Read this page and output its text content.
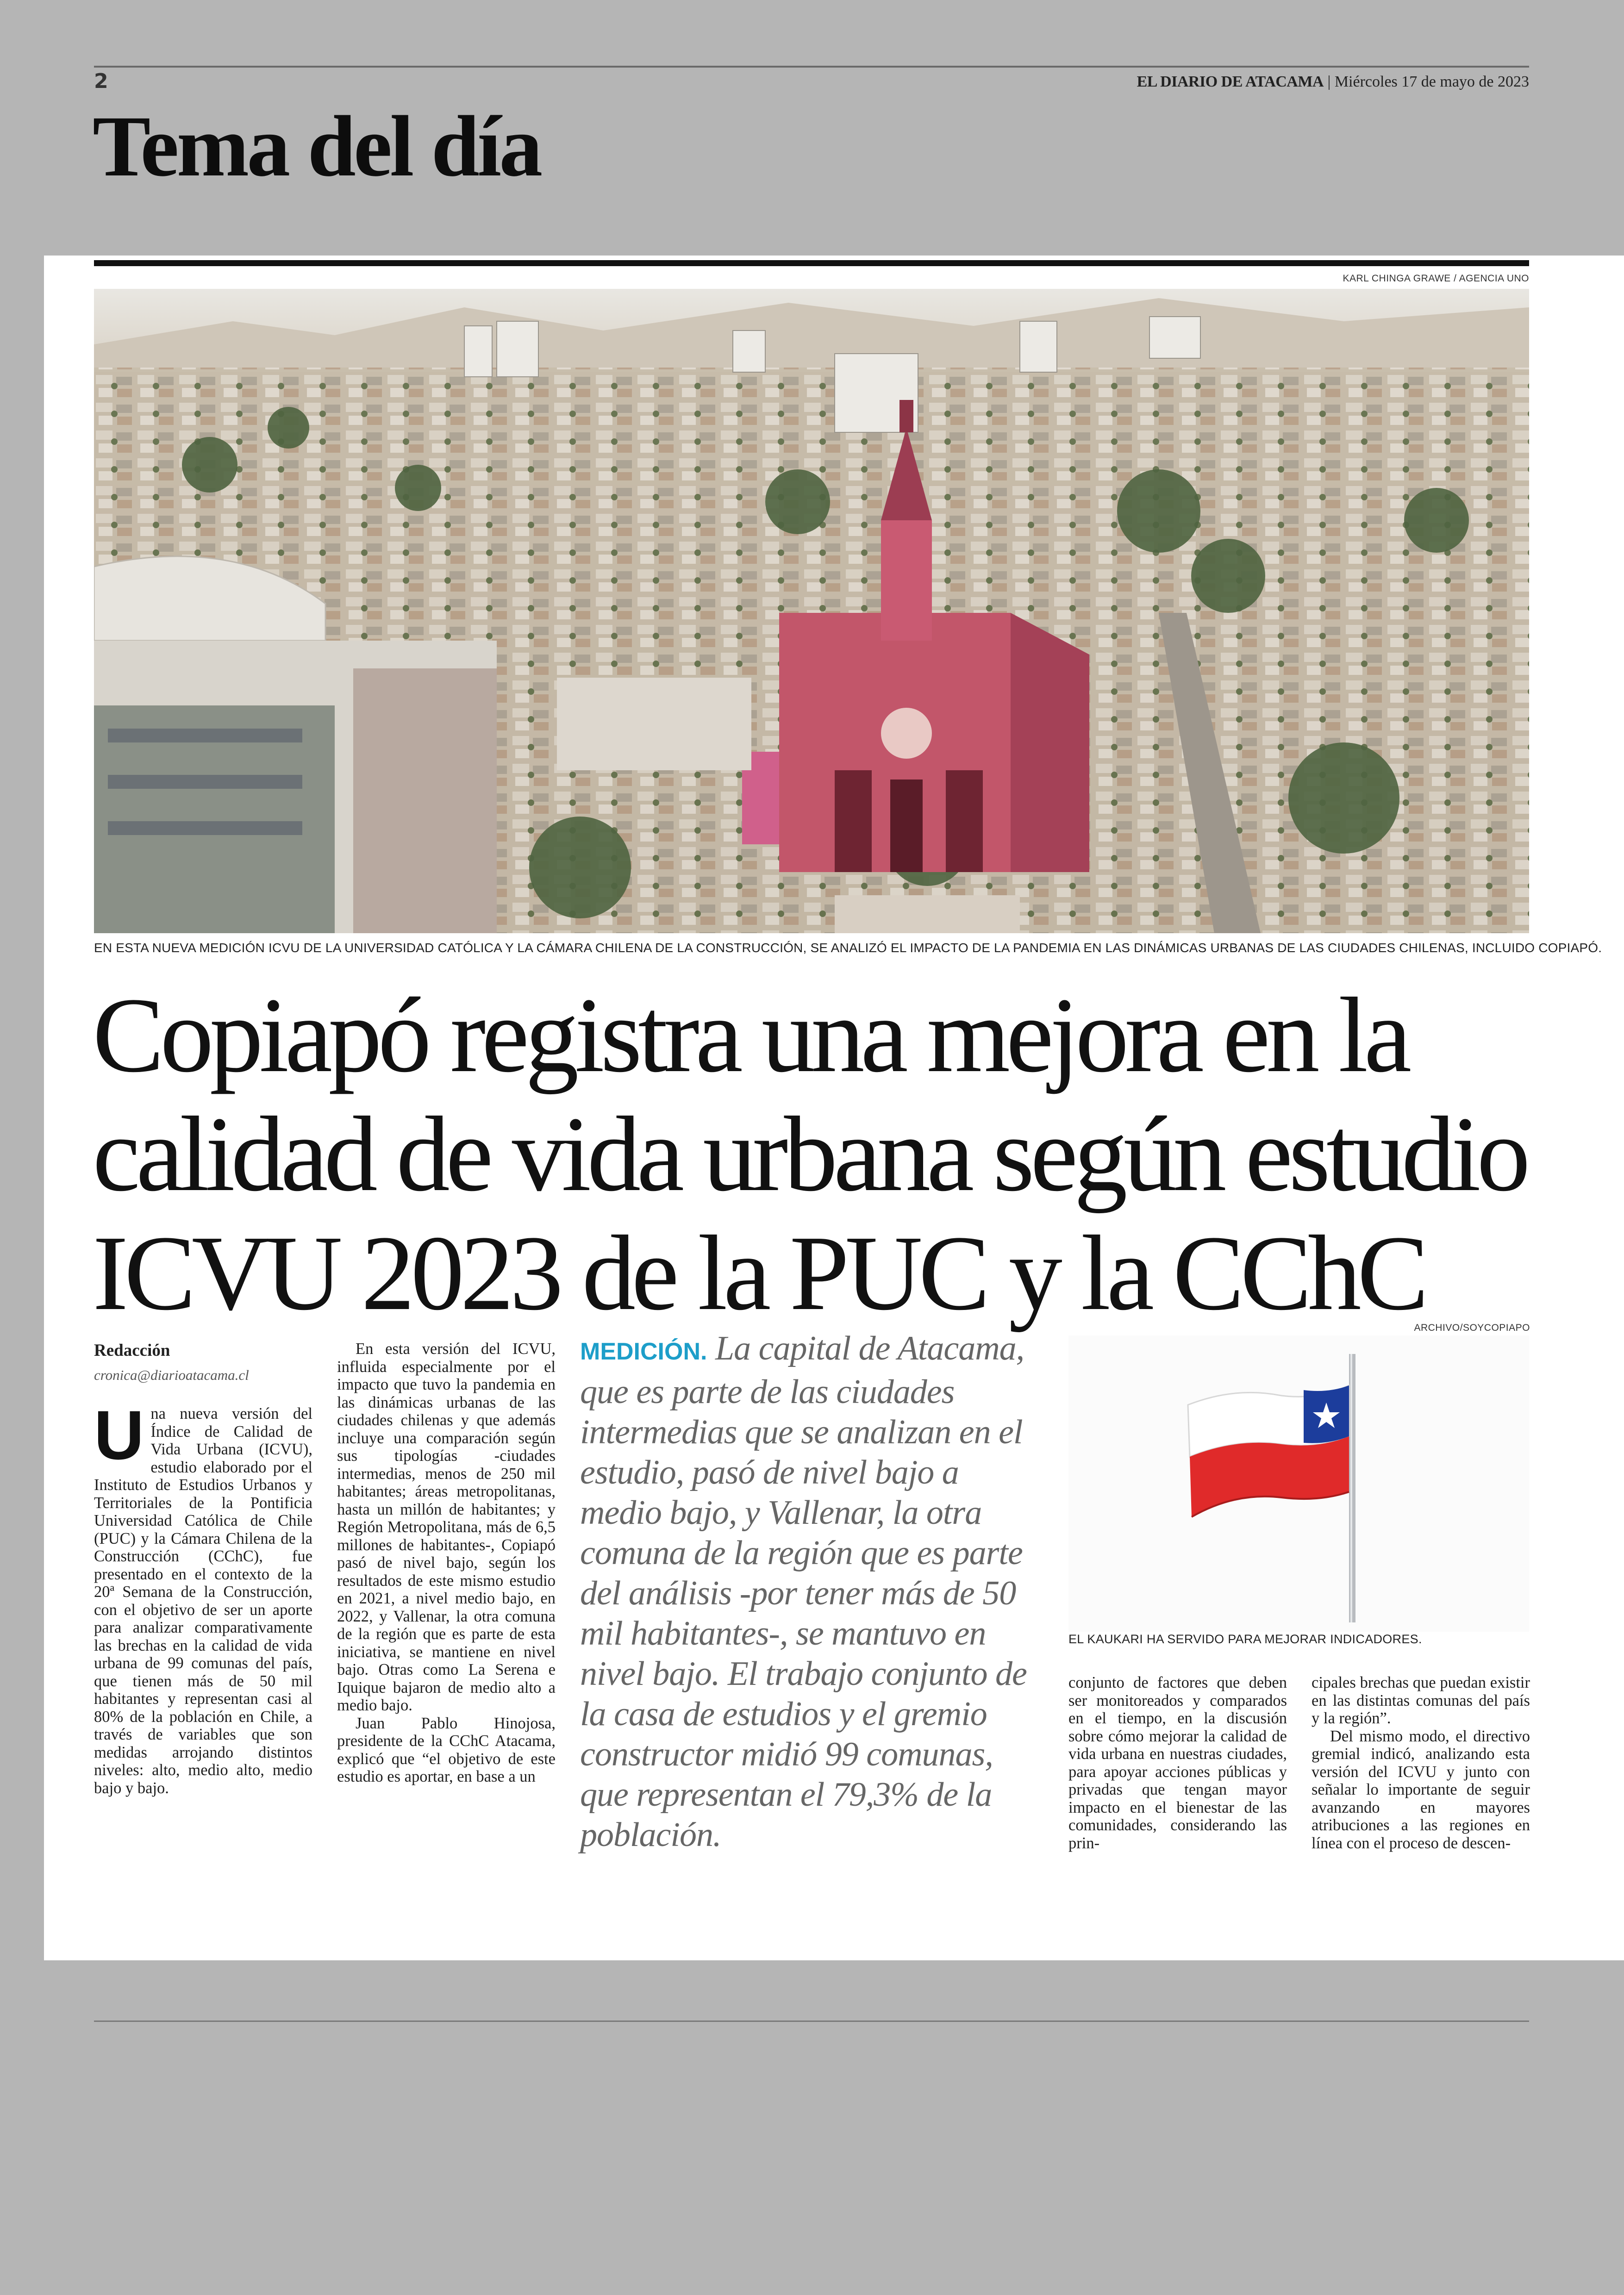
2	EL DIARIO DE ATACAMA | Miércoles 17 de mayo de 2023
Tema del día
KARL CHINGA GRAWE / AGENCIA UNO
EN ESTA NUEVA MEDICIÓN ICVU DE LA UNIVERSIDAD CATÓLICA Y LA CÁMARA CHILENA DE LA CONSTRUCCIÓN, SE ANALIZÓ EL IMPACTO DE LA PANDEMIA EN LAS DINÁMICAS URBANAS DE LAS CIUDADES CHILENAS, INCLUIDO COPIAPÓ.
Copiapó registra una mejora en la
calidad de vida urbana según estudio
ICVU 2023 de la PUC y la CChC
Redacción
cronica@diarioatacama.cl

Una nueva versión del Índice de Calidad de Vida Urbana (ICVU), estudio elaborado por el Instituto de Estudios Urbanos y Territoriales de la Pontificia Universidad Católica de Chile (PUC) y la Cámara Chilena de la Construcción (CChC), fue presentado en el contexto de la 20ª Semana de la Construcción, con el objetivo de ser un aporte para analizar comparativamente las brechas en la calidad de vida urbana de 99 comunas del país, que tienen más de 50 mil habitantes y representan casi al 80% de la población en Chile, a través de variables que son medidas arrojando distintos niveles: alto, medio alto, medio bajo y bajo.

En esta versión del ICVU, influida especialmente por el impacto que tuvo la pandemia en las dinámicas urbanas de las ciudades chilenas y que además incluye una comparación según sus tipologías -ciudades intermedias, menos de 250 mil habitantes; áreas metropolitanas, hasta un millón de habitantes; y Región Metropolitana, más de 6,5 millones de habitantes-, Copiapó pasó de nivel bajo, según los resultados de este mismo estudio en 2021, a nivel medio bajo, en 2022, y Vallenar, la otra comuna de la región que es parte de esta iniciativa, se mantiene en nivel bajo. Otras como La Serena e Iquique bajaron de medio alto a medio bajo.

Juan Pablo Hinojosa, presidente de la CChC Atacama, explicó que “el objetivo de este estudio es aportar, en base a un

MEDICIÓN. La capital de Atacama, que es parte de las ciudades intermedias que se analizan en el estudio, pasó de nivel bajo a medio bajo, y Vallenar, la otra comuna de la región que es parte del análisis -por tener más de 50 mil habitantes-, se mantuvo en nivel bajo. El trabajo conjunto de la casa de estudios y el gremio constructor midió 99 comunas, que representan el 79,3% de la población.
ARCHIVO/SOYCOPIAPO
EL KAUKARI HA SERVIDO PARA MEJORAR INDICADORES.

conjunto de factores que deben ser monitoreados y comparados en el tiempo, en la discusión sobre cómo mejorar la calidad de vida urbana en nuestras ciudades, para apoyar acciones públicas y privadas que tengan mayor impacto en el bienestar de las comunidades, considerando las prin-

cipales brechas que puedan existir en las distintas comunas del país y la región”.

Del mismo modo, el directivo gremial indicó, analizando esta versión del ICVU y junto con señalar lo importante de seguir avanzando en mayores atribuciones a las regiones en línea con el proceso de descen-
